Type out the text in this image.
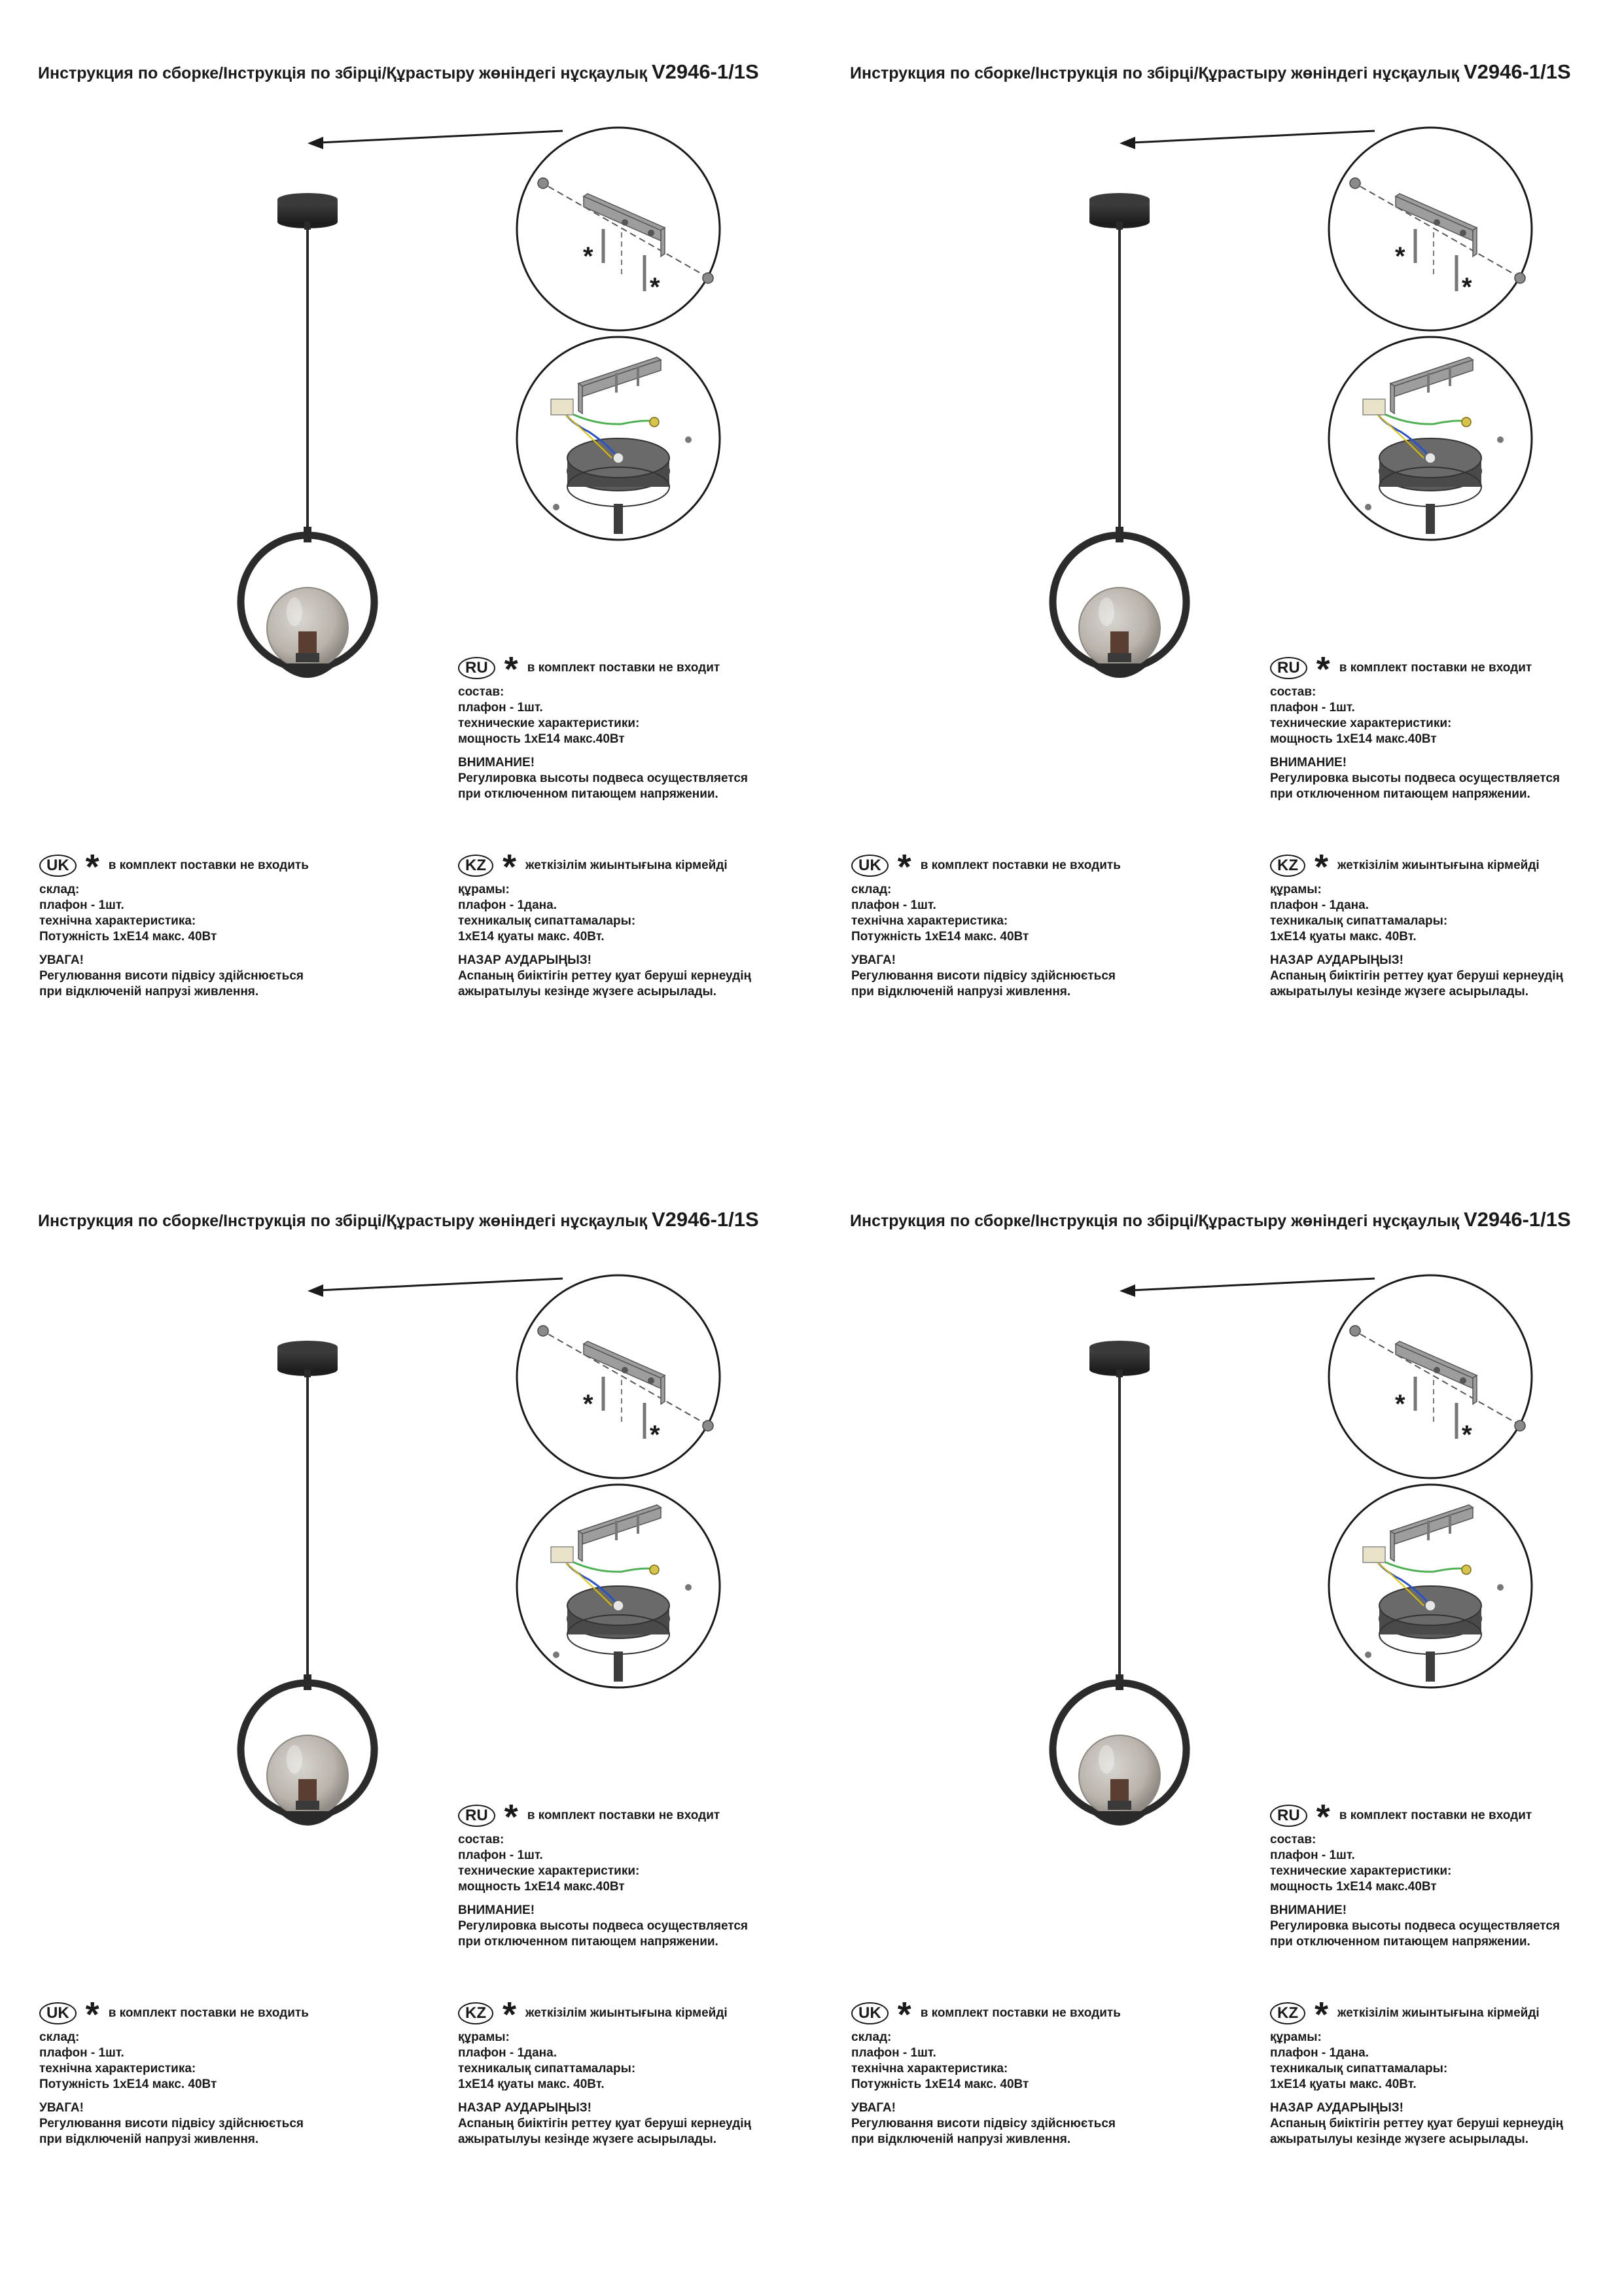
Инструкция по сборке/Інструкція по збірці/Құрастыру жөніндегі нұсқаулық V2946-1/1S
*
*
RU * в комплект поставки не входит
состав:
плафон - 1шт.
технические характеристики:
мощность 1хЕ14 макс.40Вт
ВНИМАНИЕ!
Регулировка высоты подвеса осуществляется
при отключенном питающем напряжении.
UK * в комплект поставки не входить
склад:
плафон - 1шт.
технічна характеристика:
Потужність 1хЕ14 макс. 40Вт
УВАГА!
Регулювання висоти підвісу здійснюється
при відключеній напрузі живлення.
KZ * жеткізілім жиынтығына кірмейді
құрамы:
плафон - 1дана.
техникалық сипаттамалары:
1хЕ14 қуаты макс. 40Вт.
НАЗАР АУДАРЫҢЫЗ!
Аспаның биіктігін реттеу қуат беруші кернеудің
ажыратылуы кезінде жүзеге асырылады.
Инструкция по сборке/Інструкція по збірці/Құрастыру жөніндегі нұсқаулық V2946-1/1S
*
*
RU * в комплект поставки не входит
состав:
плафон - 1шт.
технические характеристики:
мощность 1хЕ14 макс.40Вт
ВНИМАНИЕ!
Регулировка высоты подвеса осуществляется
при отключенном питающем напряжении.
UK * в комплект поставки не входить
склад:
плафон - 1шт.
технічна характеристика:
Потужність 1хЕ14 макс. 40Вт
УВАГА!
Регулювання висоти підвісу здійснюється
при відключеній напрузі живлення.
KZ * жеткізілім жиынтығына кірмейді
құрамы:
плафон - 1дана.
техникалық сипаттамалары:
1хЕ14 қуаты макс. 40Вт.
НАЗАР АУДАРЫҢЫЗ!
Аспаның биіктігін реттеу қуат беруші кернеудің
ажыратылуы кезінде жүзеге асырылады.
Инструкция по сборке/Інструкція по збірці/Құрастыру жөніндегі нұсқаулық V2946-1/1S
*
*
RU * в комплект поставки не входит
состав:
плафон - 1шт.
технические характеристики:
мощность 1хЕ14 макс.40Вт
ВНИМАНИЕ!
Регулировка высоты подвеса осуществляется
при отключенном питающем напряжении.
UK * в комплект поставки не входить
склад:
плафон - 1шт.
технічна характеристика:
Потужність 1хЕ14 макс. 40Вт
УВАГА!
Регулювання висоти підвісу здійснюється
при відключеній напрузі живлення.
KZ * жеткізілім жиынтығына кірмейді
құрамы:
плафон - 1дана.
техникалық сипаттамалары:
1хЕ14 қуаты макс. 40Вт.
НАЗАР АУДАРЫҢЫЗ!
Аспаның биіктігін реттеу қуат беруші кернеудің
ажыратылуы кезінде жүзеге асырылады.
Инструкция по сборке/Інструкція по збірці/Құрастыру жөніндегі нұсқаулық V2946-1/1S
*
*
RU * в комплект поставки не входит
состав:
плафон - 1шт.
технические характеристики:
мощность 1хЕ14 макс.40Вт
ВНИМАНИЕ!
Регулировка высоты подвеса осуществляется
при отключенном питающем напряжении.
UK * в комплект поставки не входить
склад:
плафон - 1шт.
технічна характеристика:
Потужність 1хЕ14 макс. 40Вт
УВАГА!
Регулювання висоти підвісу здійснюється
при відключеній напрузі живлення.
KZ * жеткізілім жиынтығына кірмейді
құрамы:
плафон - 1дана.
техникалық сипаттамалары:
1хЕ14 қуаты макс. 40Вт.
НАЗАР АУДАРЫҢЫЗ!
Аспаның биіктігін реттеу қуат беруші кернеудің
ажыратылуы кезінде жүзеге асырылады.
